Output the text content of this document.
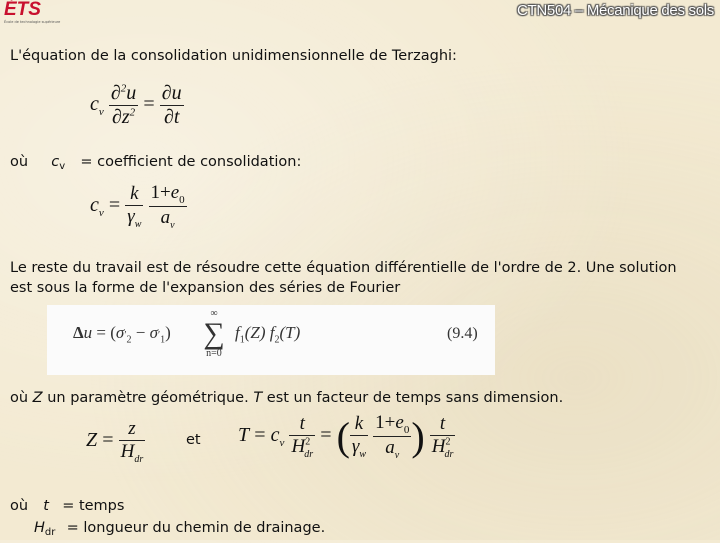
ÉTS
École de technologie supérieure
CTN504 – Mécanique des sols
L'équation de la consolidation unidimensionnelle de Terzaghi:
$c_v \frac{\partial^2u}{\partial z^2} = \frac{\partial u}{\partial t}$
où $c_v$ = coefficient de consolidation:
$c_v = \frac{k}{\gamma_w}$
$\frac{1+e_0}{a_v}$
Le reste du travail est de résoudre cette équation différentielle de l'ordre de 2. Une solution est sous la forme de l'expansion des séries de Fourier
$\Delta u = (\sigma'_2 - \sigma'_1)$
∞
∑
n=0
$f_1(Z)$ $f_2(T)$	(9.4)
où Z un paramètre géométrique. T est un facteur de temps sans dimension.
$Z = \frac{z}{H_{dr}}$	et $T = c_v \frac{t}{H^2_{dr}}$ = ( $\frac{k}{\gamma_w}$
$\frac{1+e_0}{a_v}$ ) $\frac{t}{H^2_{dr}}$
où t = temps
$H_{dr}$ = longueur du chemin de drainage.
